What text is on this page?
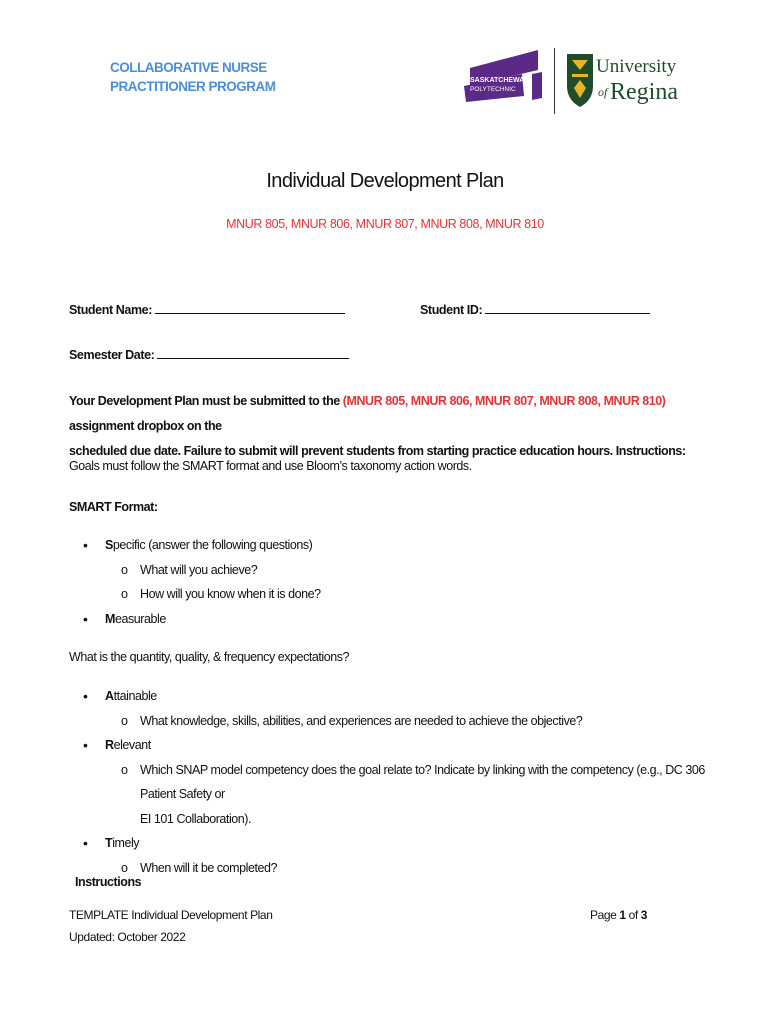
COLLABORATIVE NURSE
PRACTITIONER PROGRAM	SASKATCHEWAN
POLYTECHNIC
University
of Regina
Individual Development Plan
MNUR 805, MNUR 806, MNUR 807, MNUR 808, MNUR 810
Student Name:	Student ID:
Semester Date:
Your Development Plan must be submitted to the (MNUR 805, MNUR 806, MNUR 807, MNUR 808, MNUR 810) assignment dropbox on the
scheduled due date. Failure to submit will prevent students from starting practice education hours. Instructions:
Goals must follow the SMART format and use Bloom’s taxonomy action words.
SMART Format:
• Specific (answer the following questions)
o What will you achieve?
o How will you know when it is done?
• Measurable
What is the quantity, quality, & frequency expectations?
• Attainable
o What knowledge, skills, abilities, and experiences are needed to achieve the objective?
• Relevant
o Which SNAP model competency does the goal relate to? Indicate by linking with the competency (e.g., DC 306 Patient Safety or
EI 101 Collaboration).
• Timely
o When will it be completed?
Instructions
TEMPLATE Individual Development Plan
Updated: October 2022
Page 1 of 3
